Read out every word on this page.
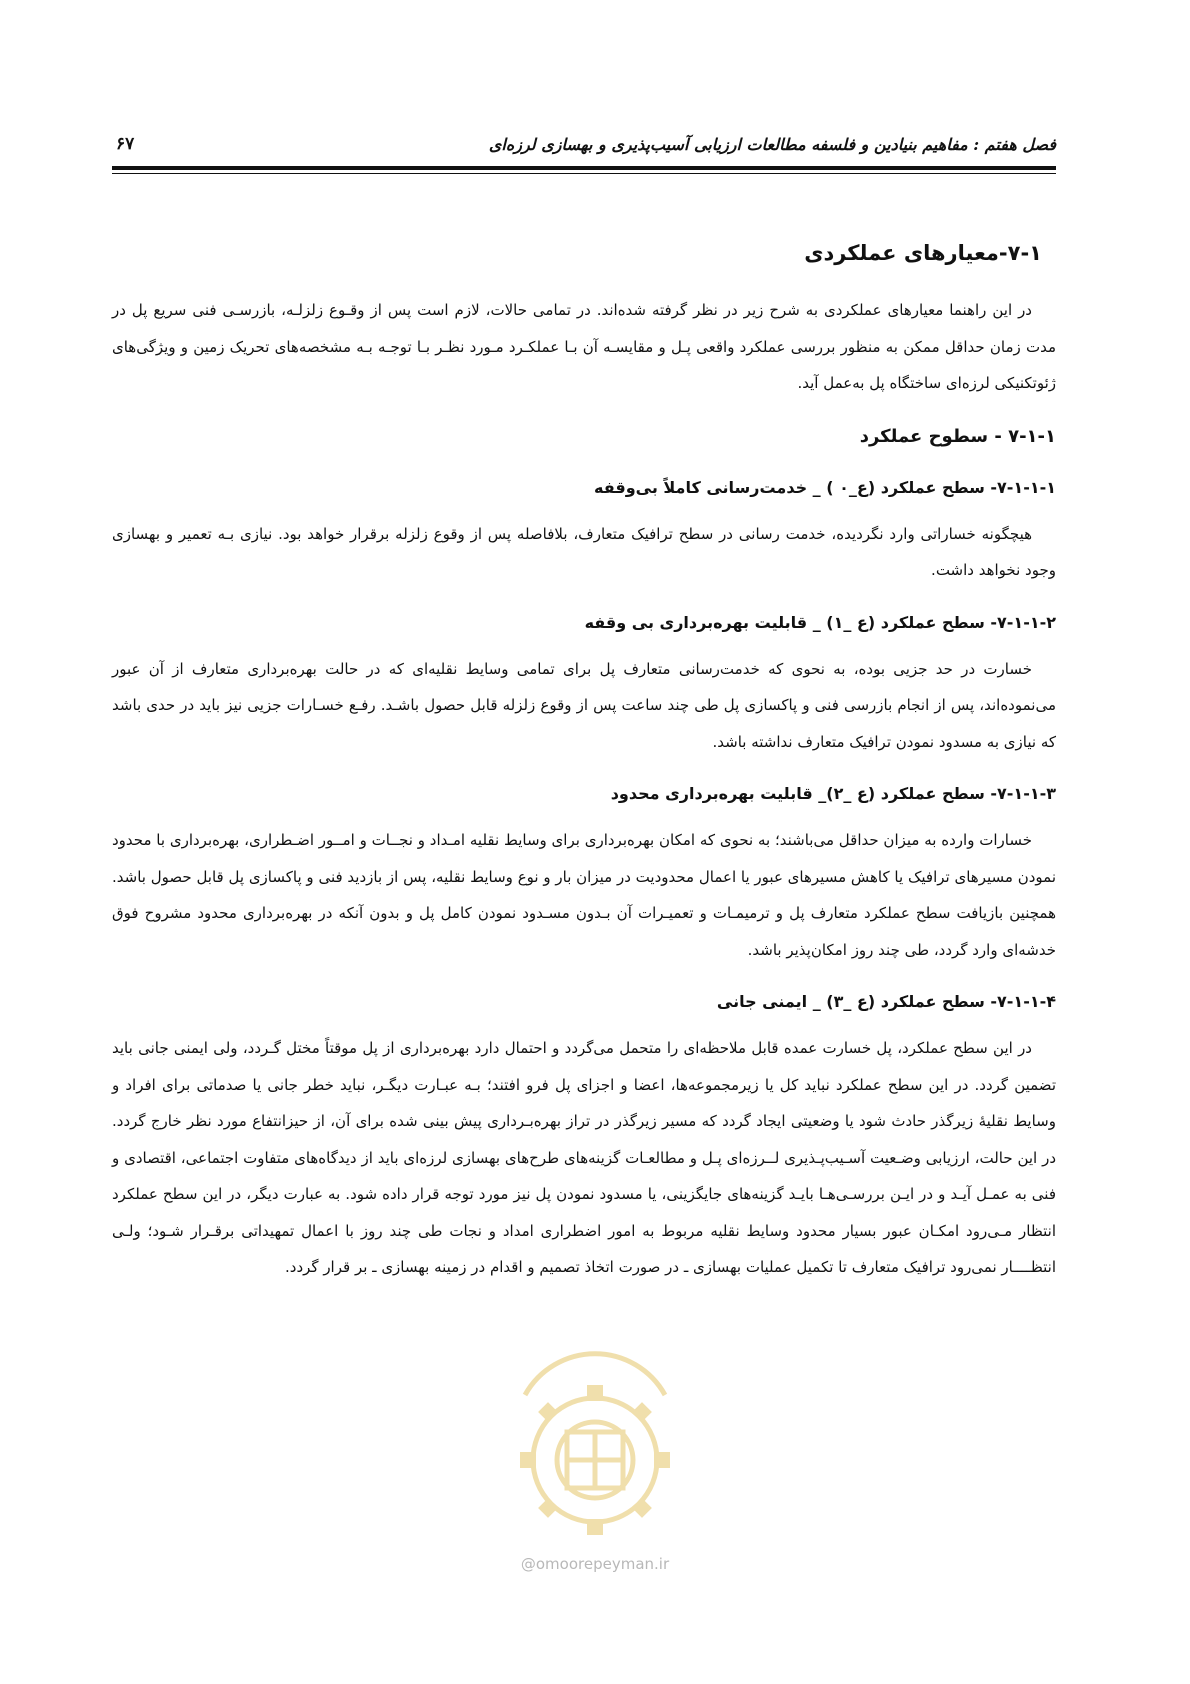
فصل هفتم : مفاهیم بنیادین و فلسفه مطالعات ارزیابی آسیب‌پذیری و بهسازی لرزه‌ای
۶۷
۷-۱-معیارهای عملکردی

در این راهنما معیارهای عملکردی به شرح زیر در نظر گرفته شده‌اند. در تمامی حالات، لازم است پس از وقـوع زلزلـه، بازرسـی فنی سریع پل در مدت زمان حداقل ممکن به منظور بررسی عملکرد واقعی پـل و مقایسـه آن بـا عملکـرد مـورد نظـر بـا توجـه بـه مشخصه‌های تحریک زمین و ویژگی‌های ژئوتکنیکی لرزه‌ای ساختگاه پل به‌عمل آید.

۷-۱-۱ - سطوح عملکرد
۷-۱-۱-۱- سطح عملکرد (ع_۰ ) _ خدمت‌رسانی کاملاً بی‌وقفه

هیچگونه خساراتی وارد نگردیده، خدمت رسانی در سطح ترافیک متعارف، بلافاصله پس از وقوع زلزله برقرار خواهد بود. نیازی بـه تعمیر و بهسازی وجود نخواهد داشت.

۷-۱-۱-۲- سطح عملکرد (ع _۱) _ قابلیت بهره‌برداری بی وقفه

خسارت در حد جزیی بوده، به نحوی که خدمت‌رسانی متعارف پل برای تمامی وسایط نقلیه‌ای که در حالت بهره‌برداری متعارف از آن عبور می‌نموده‌اند، پس از انجام بازرسی فنی و پاکسازی پل طی چند ساعت پس از وقوع زلزله قابل حصول باشـد. رفـع خسـارات جزیی نیز باید در حدی باشد که نیازی به مسدود نمودن ترافیک متعارف نداشته باشد.

۷-۱-۱-۳- سطح عملکرد (ع _۲)_ قابلیت بهره‌برداری محدود

خسارات وارده به میزان حداقل می‌باشند؛ به نحوی که امکان بهره‌برداری برای وسایط نقلیه امـداد و نجــات و امــور اضـطراری، بهره‌برداری با محدود نمودن مسیرهای ترافیک یا کاهش مسیرهای عبور یا اعمال محدودیت در میزان بار و نوع وسایط نقلیه، پس از بازدید فنی و پاکسازی پل قابل حصول باشد. همچنین بازیافت سطح عملکرد متعارف پل و ترمیمـات و تعمیـرات آن بـدون مسـدود نمودن کامل پل و بدون آنکه در بهره‌برداری محدود مشروح فوق خدشه‌ای وارد گردد، طی چند روز امکان‌پذیر باشد.

۷-۱-۱-۴- سطح عملکرد (ع _۳) _ ایمنی جانی

در این سطح عملکرد، پل خسارت عمده قابل ملاحظه‌ای را متحمل می‌گردد و احتمال دارد بهره‌برداری از پل موقتاً مختل گـردد، ولی ایمنی جانی باید تضمین گردد. در این سطح عملکرد نباید کل یا زیرمجموعه‌ها، اعضا و اجزای پل فرو افتند؛ بـه عبـارت دیگـر، نباید خطر جانی یا صدماتی برای افراد و وسایط نقلیهٔ زیرگذر حادث شود یا وضعیتی ایجاد گردد که مسیر زیرگذر در تراز بهره‌بـرداری پیش بینی شده برای آن، از حیزانتفاع مورد نظر خارج گردد. در این حالت، ارزیابی وضـعیت آسـیب‌پـذیری لــرزه‌ای پـل و مطالعـات گزینه‌های طرح‌های بهسازی لرزه‌ای باید از دیدگاه‌های متفاوت اجتماعی، اقتصادی و فنی به عمـل آیـد و در ایـن بررسـی‌هـا بایـد گزینه‌های جایگزینی، یا مسدود نمودن پل نیز مورد توجه قرار داده شود. به عبارت دیگر، در این سطح عملکرد انتظار مـی‌رود امکـان عبور بسیار محدود وسایط نقلیه مربوط به امور اضطراری امداد و نجات طی چند روز با اعمال تمهیداتی برقـرار شـود؛ ولـی انتظــــار نمی‌رود ترافیک متعارف تا تکمیل عملیات بهسازی ـ در صورت اتخاذ تصمیم و اقدام در زمینه بهسازی ـ بر قرار گردد.

@omoorepeyman.ir
